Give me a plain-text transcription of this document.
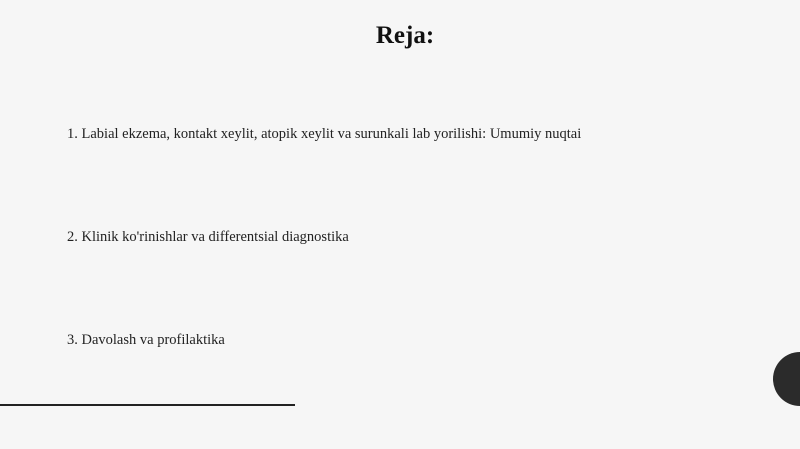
Reja:
1. Labial ekzema, kontakt xeylit, atopik xeylit va surunkali lab yorilishi: Umumiy nuqtai
2. Klinik ko'rinishlar va differentsial diagnostika
3. Davolash va profilaktika
